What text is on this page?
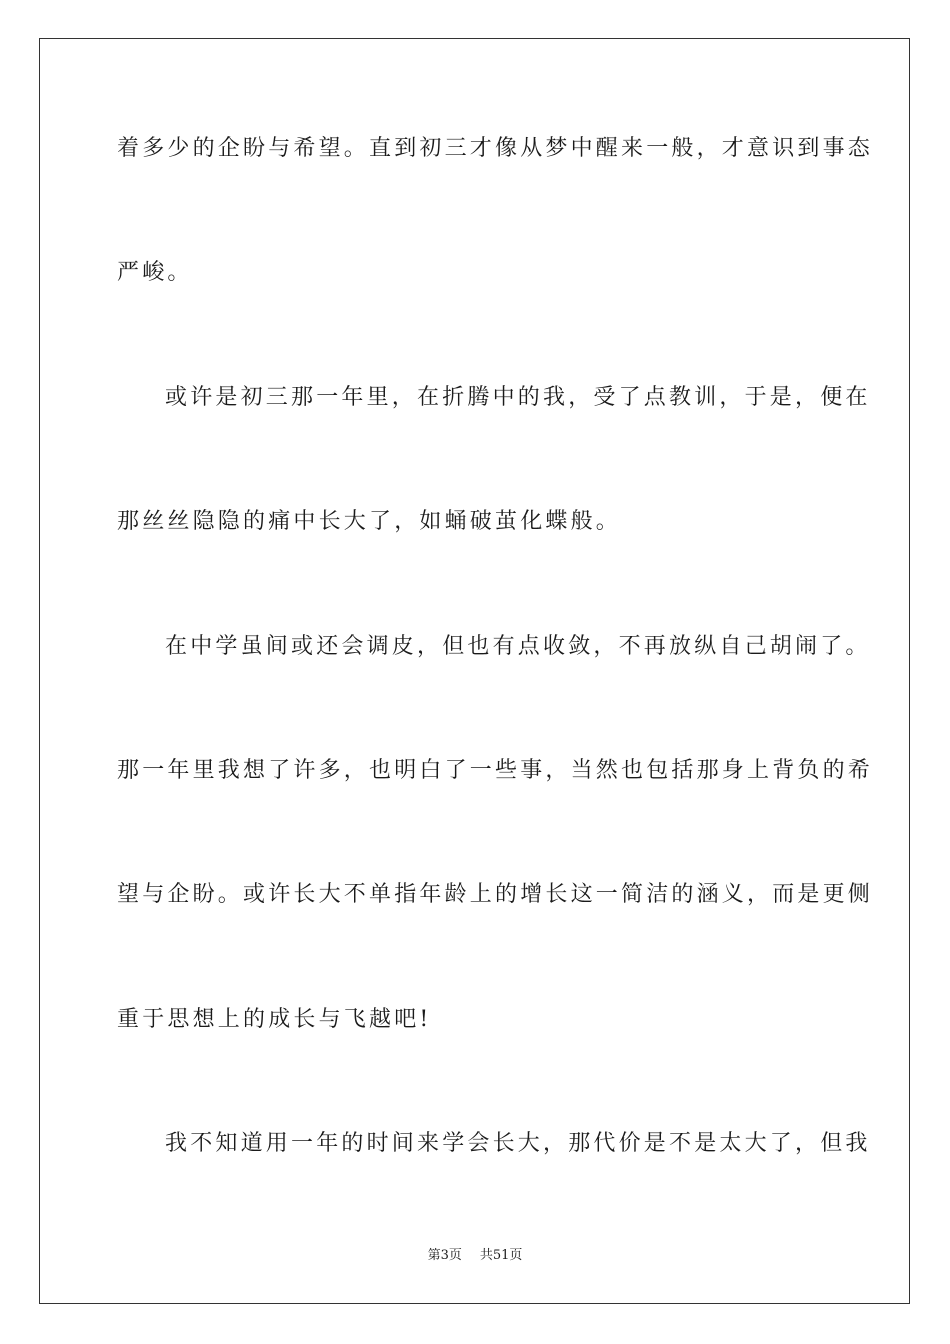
着多少的企盼与希望。直到初三才像从梦中醒来一般，才意识到事态
严峻。
或许是初三那一年里，在折腾中的我，受了点教训，于是，便在
那丝丝隐隐的痛中长大了，如蛹破茧化蝶般。
在中学虽间或还会调皮，但也有点收敛，不再放纵自己胡闹了。
那一年里我想了许多，也明白了一些事，当然也包括那身上背负的希
望与企盼。或许长大不单指年龄上的增长这一简洁的涵义，而是更侧
重于思想上的成长与飞越吧!
我不知道用一年的时间来学会长大，那代价是不是太大了，但我
第3页 共51页
